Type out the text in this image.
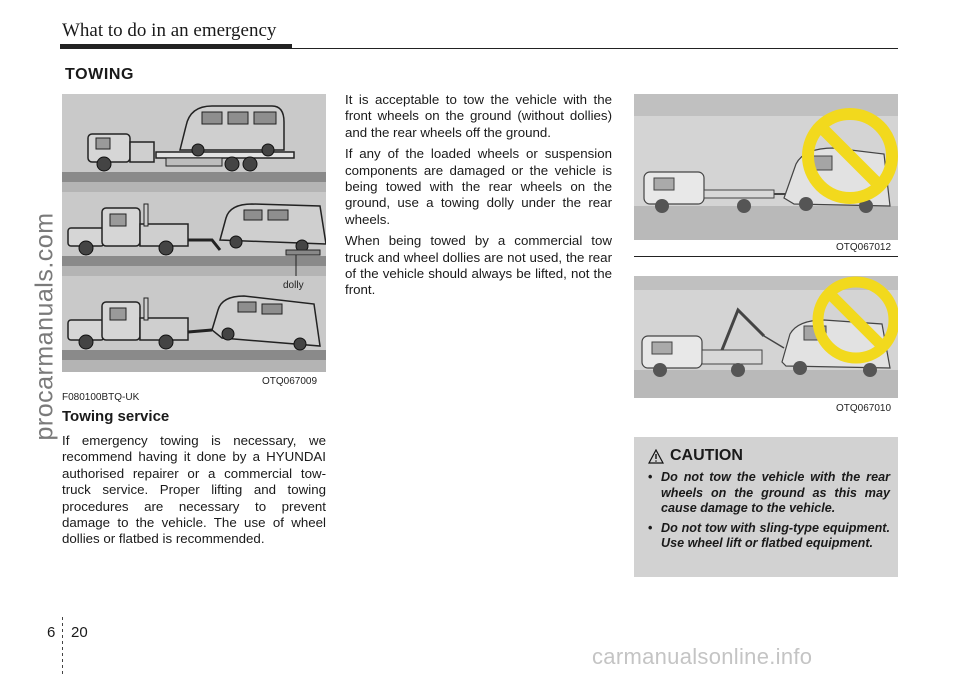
What to do in an emergency
procarmanuals.com
TOWING
dolly
OTQ067009
F080100BTQ-UK
Towing service

If emergency towing is necessary, we recommend having it done by a HYUNDAI authorised repairer or a commercial tow-truck service. Proper lifting and towing procedures are necessary to prevent damage to the vehicle. The use of wheel dollies or flatbed is recommended.

It is acceptable to tow the vehicle with the front wheels on the ground (without dollies) and the rear wheels off the ground.

If any of the loaded wheels or suspension components are damaged or the vehicle is being towed with the rear wheels on the ground, use a towing dolly under the rear wheels.

When being towed by a commercial tow truck and wheel dollies are not used, the rear of the vehicle should always be lifted, not the front.

OTQ067012
OTQ067010
CAUTION
• Do not tow the vehicle with the rear wheels on the ground as this may cause damage to the vehicle.
• Do not tow with sling-type equipment. Use wheel lift or flatbed equipment.
6 20
carmanualsonline.info
